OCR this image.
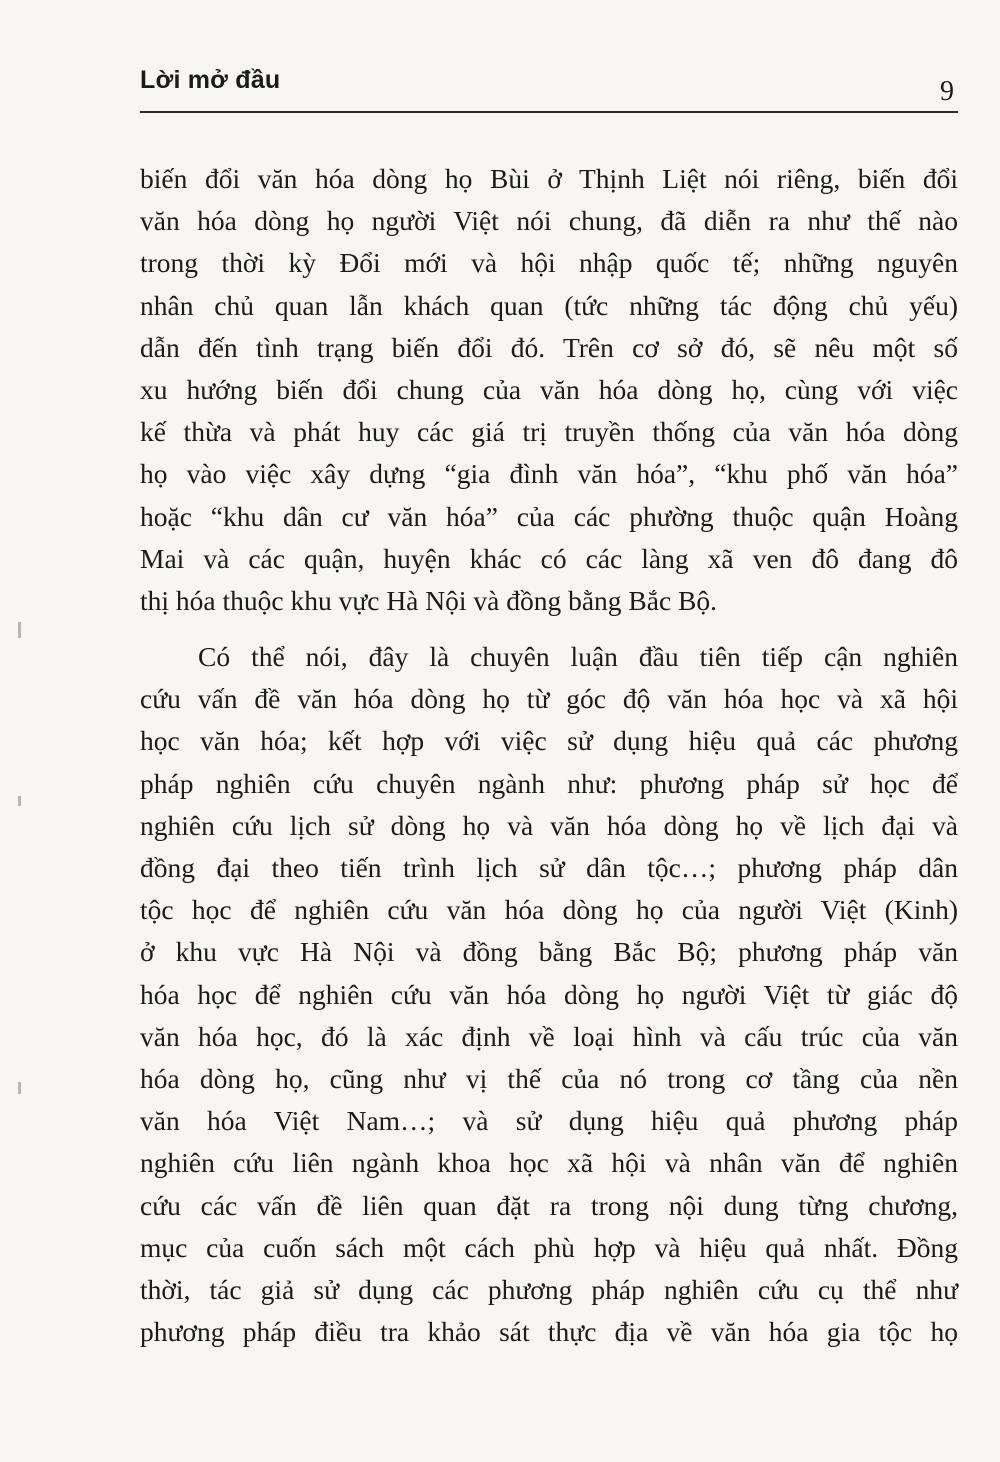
Lời mở đầu	9
biến đổi văn hóa dòng họ Bùi ở Thịnh Liệt nói riêng, biến đổi
văn hóa dòng họ người Việt nói chung, đã diễn ra như thế nào
trong thời kỳ Đổi mới và hội nhập quốc tế; những nguyên
nhân chủ quan lẫn khách quan (tức những tác động chủ yếu)
dẫn đến tình trạng biến đổi đó. Trên cơ sở đó, sẽ nêu một số
xu hướng biến đổi chung của văn hóa dòng họ, cùng với việc
kế thừa và phát huy các giá trị truyền thống của văn hóa dòng
họ vào việc xây dựng “gia đình văn hóa”, “khu phố văn hóa”
hoặc “khu dân cư văn hóa” của các phường thuộc quận Hoàng
Mai và các quận, huyện khác có các làng xã ven đô đang đô
thị hóa thuộc khu vực Hà Nội và đồng bằng Bắc Bộ.
Có thể nói, đây là chuyên luận đầu tiên tiếp cận nghiên
cứu vấn đề văn hóa dòng họ từ góc độ văn hóa học và xã hội
học văn hóa; kết hợp với việc sử dụng hiệu quả các phương
pháp nghiên cứu chuyên ngành như: phương pháp sử học để
nghiên cứu lịch sử dòng họ và văn hóa dòng họ về lịch đại và
đồng đại theo tiến trình lịch sử dân tộc…; phương pháp dân
tộc học để nghiên cứu văn hóa dòng họ của người Việt (Kinh)
ở khu vực Hà Nội và đồng bằng Bắc Bộ; phương pháp văn
hóa học để nghiên cứu văn hóa dòng họ người Việt từ giác độ
văn hóa học, đó là xác định về loại hình và cấu trúc của văn
hóa dòng họ, cũng như vị thế của nó trong cơ tầng của nền
văn hóa Việt Nam…; và sử dụng hiệu quả phương pháp
nghiên cứu liên ngành khoa học xã hội và nhân văn để nghiên
cứu các vấn đề liên quan đặt ra trong nội dung từng chương,
mục của cuốn sách một cách phù hợp và hiệu quả nhất. Đồng
thời, tác giả sử dụng các phương pháp nghiên cứu cụ thể như
phương pháp điều tra khảo sát thực địa về văn hóa gia tộc họ
